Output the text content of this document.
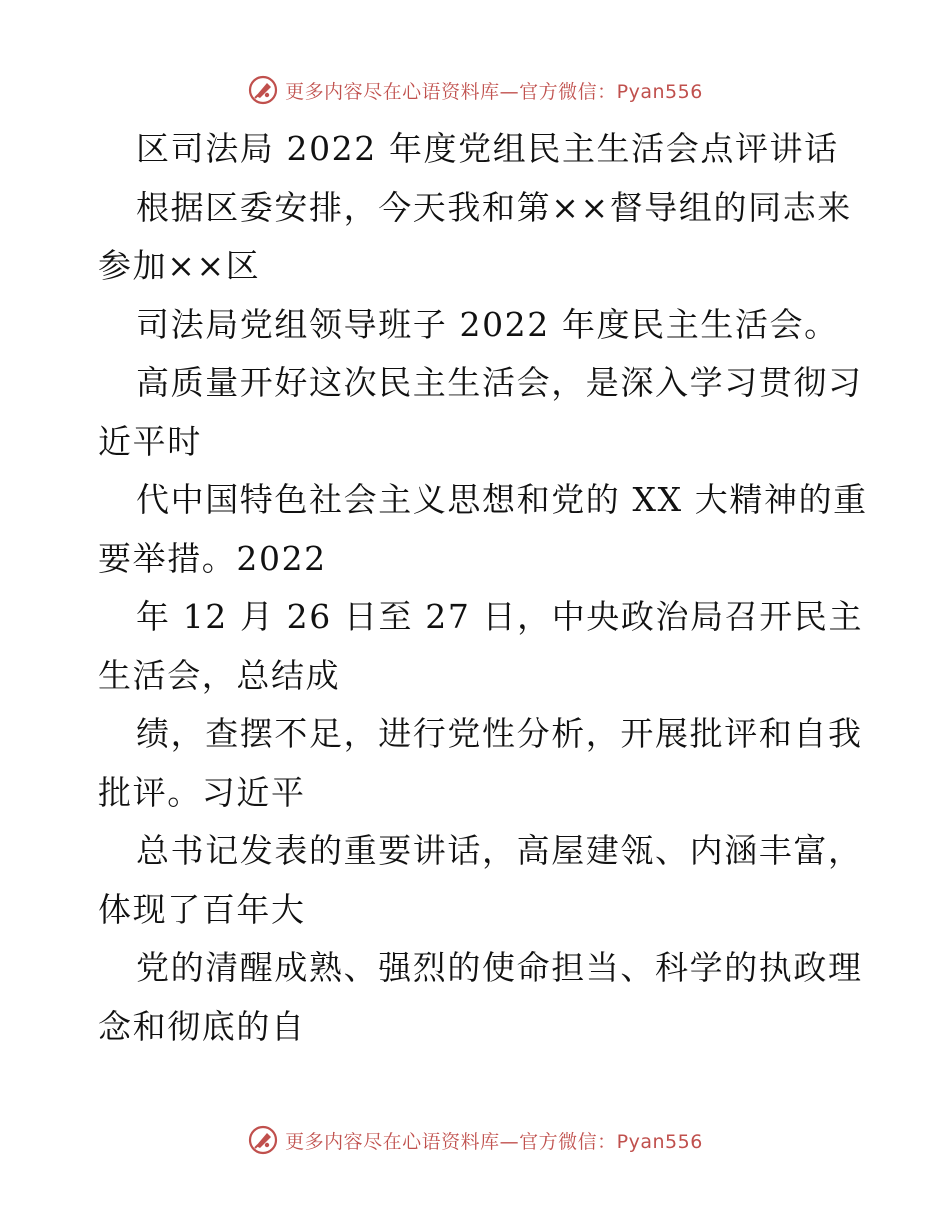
更多内容尽在心语资料库—官方微信：Pyan556
区司法局 2022 年度党组民主生活会点评讲话
根据区委安排，今天我和第××督导组的同志来
参加××区
司法局党组领导班子 2022 年度民主生活会。
高质量开好这次民主生活会，是深入学习贯彻习
近平时
代中国特色社会主义思想和党的 XX 大精神的重
要举措。2022
年 12 月 26 日至 27 日，中央政治局召开民主
生活会，总结成
绩，查摆不足，进行党性分析，开展批评和自我
批评。习近平
总书记发表的重要讲话，高屋建瓴、内涵丰富，
体现了百年大
党的清醒成熟、强烈的使命担当、科学的执政理
念和彻底的自
更多内容尽在心语资料库—官方微信：Pyan556
